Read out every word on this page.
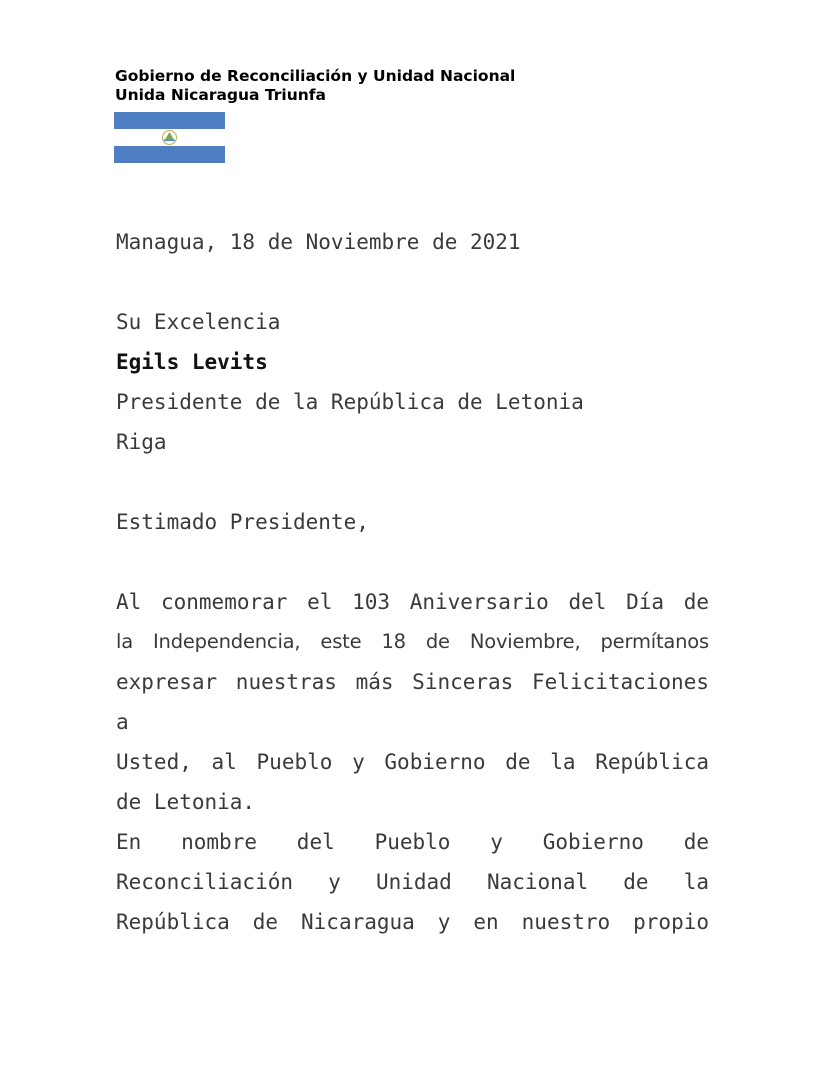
Gobierno de Reconciliación y Unidad Nacional
Unida Nicaragua Triunfa
Managua, 18 de Noviembre de 2021
Su Excelencia
Egils Levits
Presidente de la República de Letonia
Riga
Estimado Presidente,
Al conmemorar el 103 Aniversario del Día de
la Independencia, este 18 de Noviembre, permítanos
expresar nuestras más Sinceras Felicitaciones a
Usted, al Pueblo y Gobierno de la República
de Letonia.
En nombre del Pueblo y Gobierno de
Reconciliación y Unidad Nacional de la
República de Nicaragua y en nuestro propio
